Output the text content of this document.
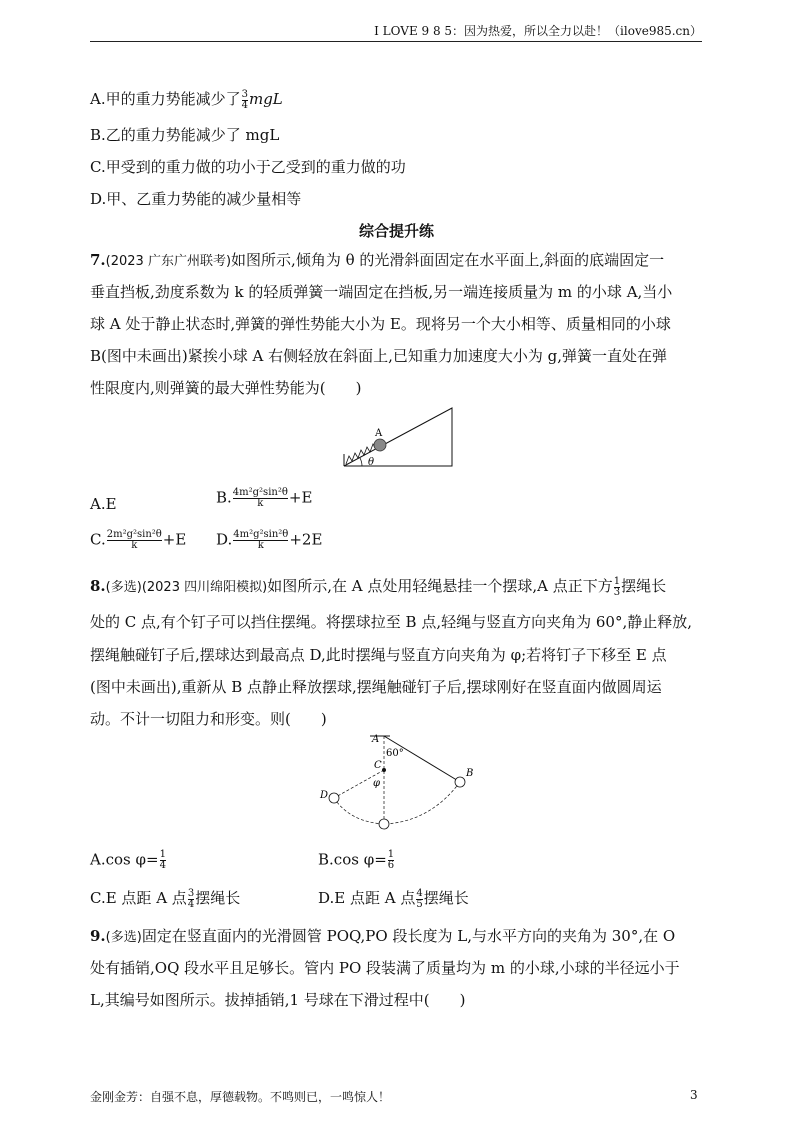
I LOVE 9 8 5：因为热爱，所以全力以赴！（ilove985.cn）
A.甲的重力势能减少了 $\frac{3}{4}$ mgL
B.乙的重力势能减少了 mgL
C.甲受到的重力做的功小于乙受到的重力做的功
D.甲、乙重力势能的减少量相等
综合提升练
7.(2023 广东广州联考)如图所示,倾角为 θ 的光滑斜面固定在水平面上,斜面的底端固定一
垂直挡板,劲度系数为 k 的轻质弹簧一端固定在挡板,另一端连接质量为 m 的小球 A,当小
球 A 处于静止状态时,弹簧的弹性势能大小为 E。现将另一个大小相等、质量相同的小球
B(图中未画出)紧挨小球 A 右侧轻放在斜面上,已知重力加速度大小为 g,弹簧一直处在弹
性限度内,则弹簧的最大弹性势能为(　　)
A
θ
A.E	B. $\frac{\text{4m²g²sin²θ}}{k} +E$
C. $\frac{\text{2m²g²sin²θ}}{k} +E$ D. $\frac{\text{4m²g²sin²θ}}{k} +2E$
8.(多选)(2023 四川绵阳模拟)如图所示,在 A 点处用轻绳悬挂一个摆球,A 点正下方 $\frac{1}{3}$ 摆绳长
处的 C 点,有个钉子可以挡住摆绳。将摆球拉至 B 点,轻绳与竖直方向夹角为 60°,静止释放,
摆绳触碰钉子后,摆球达到最高点 D,此时摆绳与竖直方向夹角为 φ;若将钉子下移至 E 点
(图中未画出),重新从 B 点静止释放摆球,摆绳触碰钉子后,摆球刚好在竖直面内做圆周运
动。不计一切阻力和形变。则(　　)
A
60°
C
φ
B
D
A.cos $\varphi= \frac{1}{4}$	B.cos $\varphi= \frac{1}{6}$
C.E 点距 A 点 $\frac{3}{4}$ 摆绳长	D.E 点距 A 点 $\frac{4}{5}$ 摆绳长
9.(多选)固定在竖直面内的光滑圆管 POQ,PO 段长度为 L,与水平方向的夹角为 30°,在 O
处有插销,OQ 段水平且足够长。管内 PO 段装满了质量均为 m 的小球,小球的半径远小于
L,其编号如图所示。拔掉插销,1 号球在下滑过程中(　　)
金刚金芳：自强不息，厚德载物。不鸣则已，一鸣惊人！	3
